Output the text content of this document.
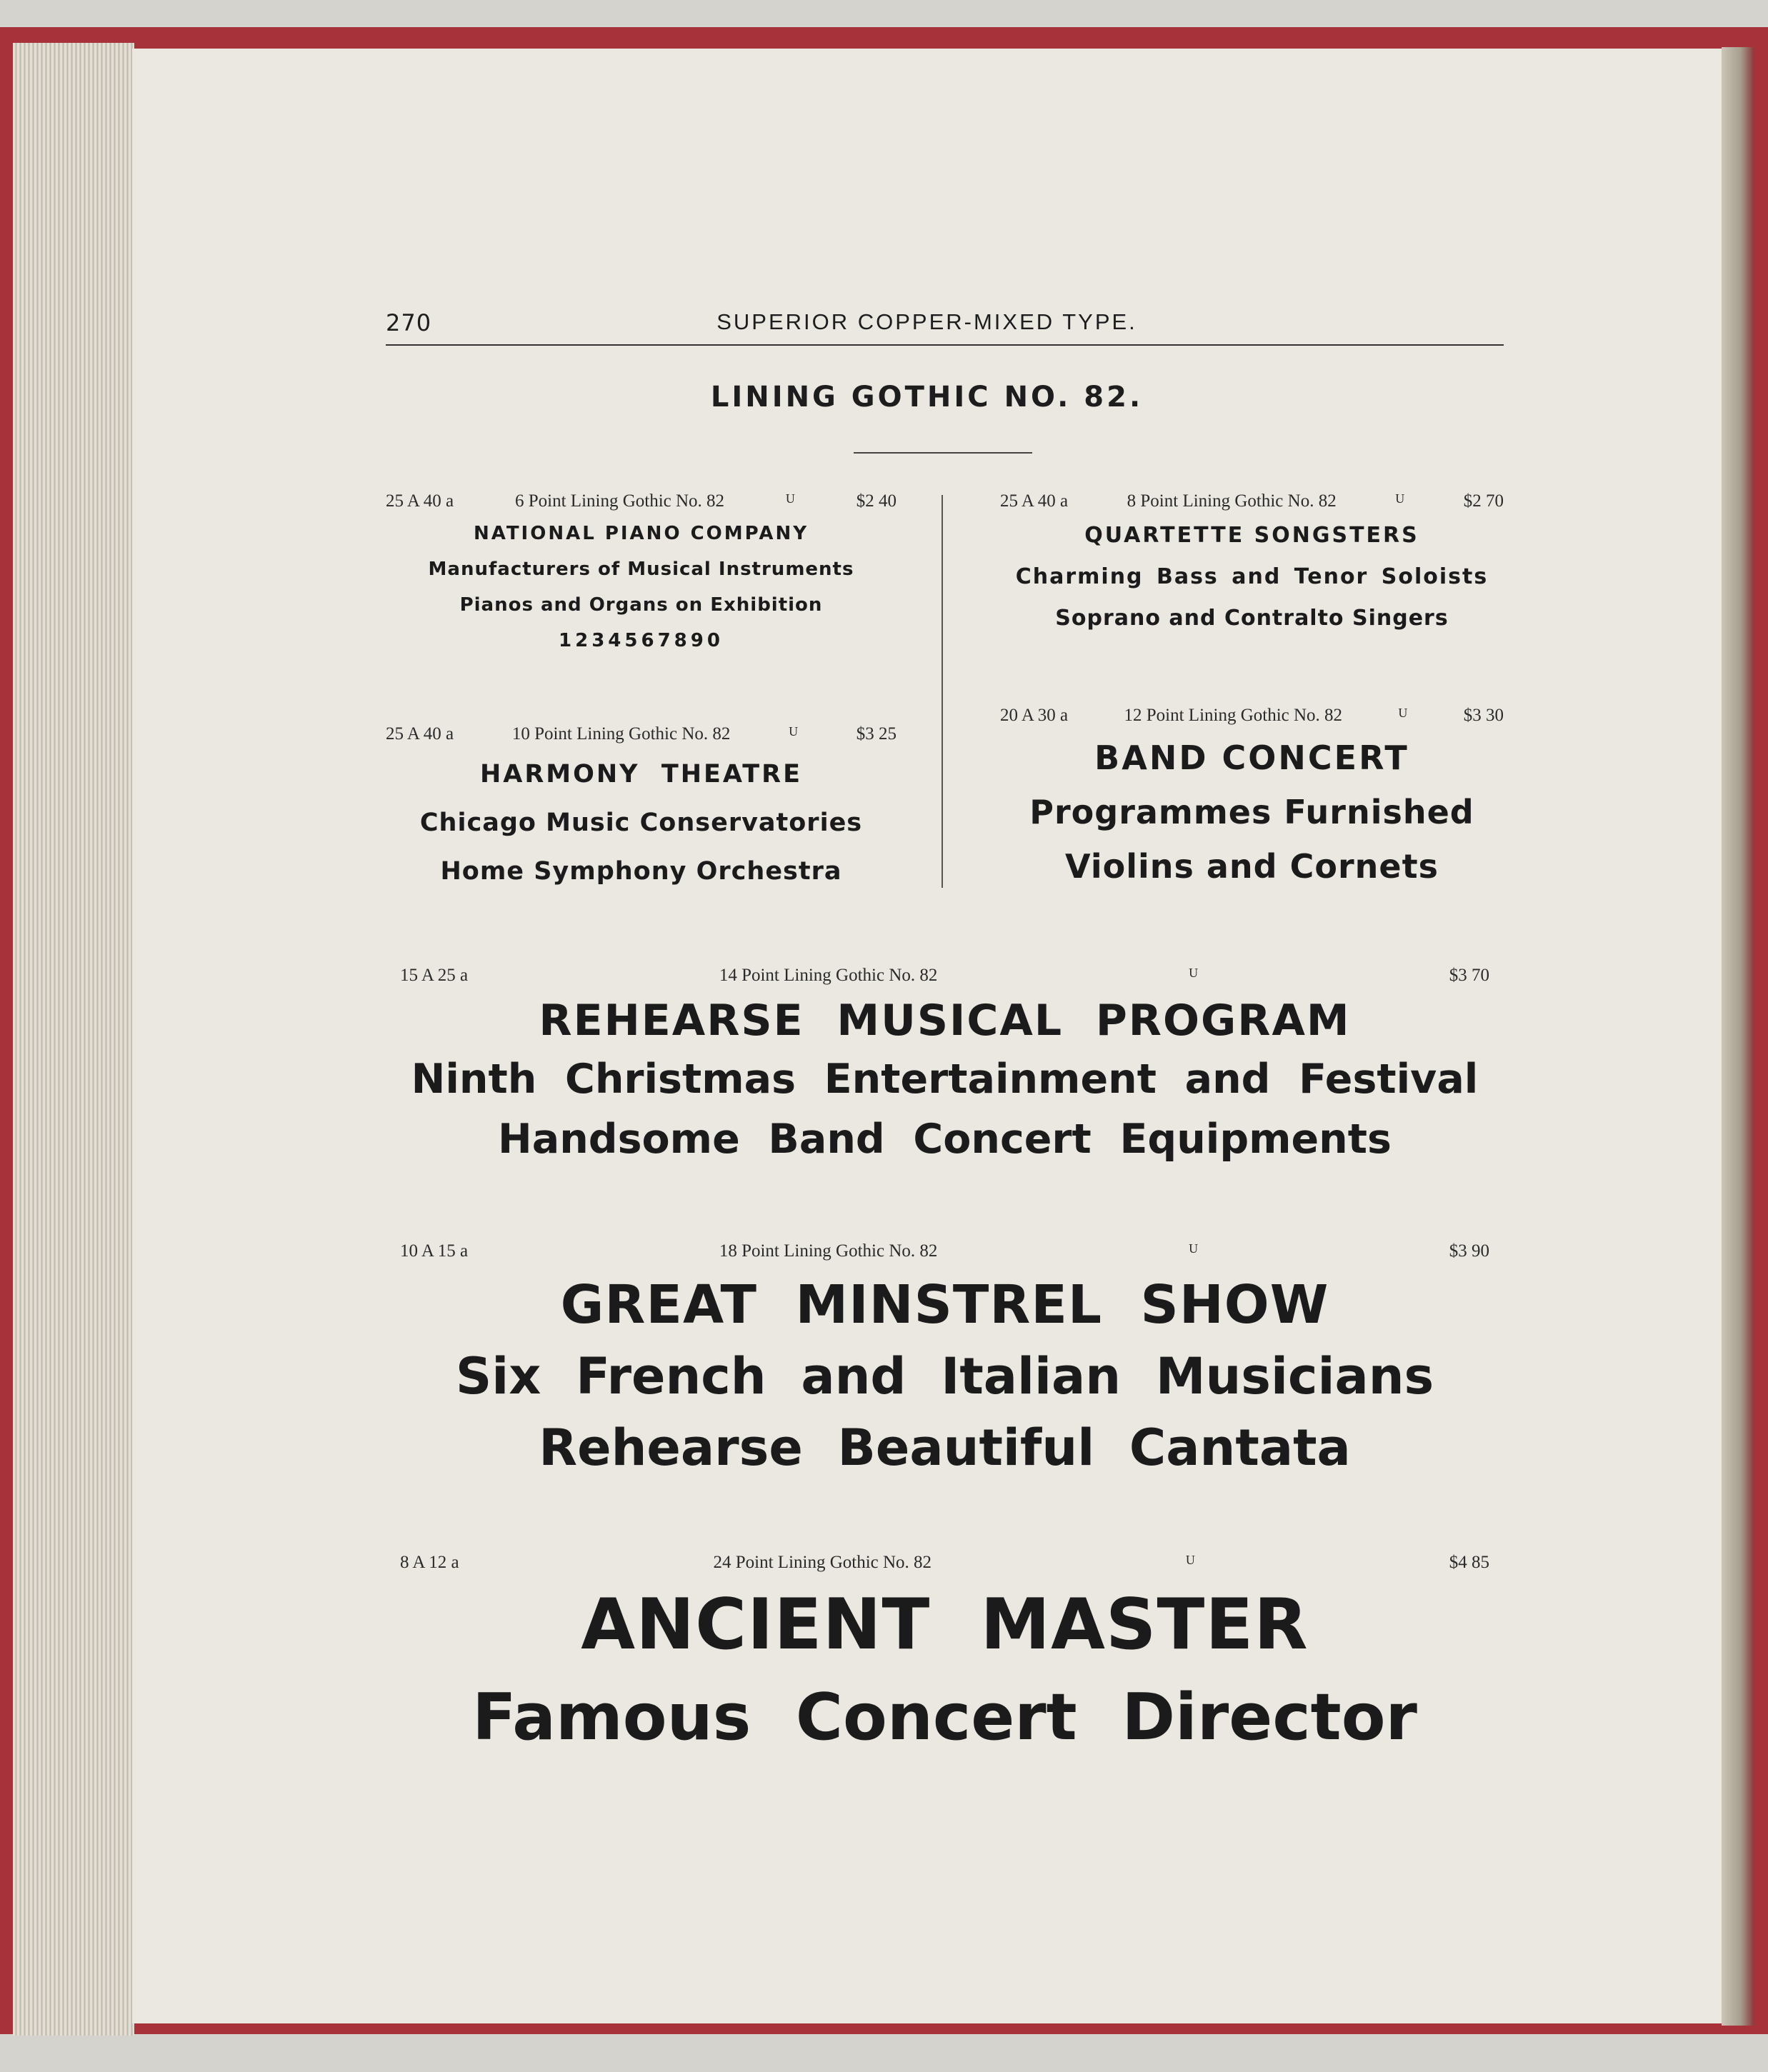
270	SUPERIOR COPPER-MIXED TYPE.
LINING GOTHIC NO. 82.
25 A 40 a	6 Point Lining Gothic No. 82	U	$2 40
NATIONAL PIANO COMPANY
Manufacturers of Musical Instruments
Pianos and Organs on Exhibition
1234567890
25 A 40 a	8 Point Lining Gothic No. 82	U	$2 70
QUARTETTE SONGSTERS
Charming Bass and Tenor Soloists
Soprano and Contralto Singers
25 A 40 a	10 Point Lining Gothic No. 82	U	$3 25
HARMONY  THEATRE
Chicago Music Conservatories
Home Symphony Orchestra
20 A 30 a	12 Point Lining Gothic No. 82	U	$3 30
BAND CONCERT
Programmes Furnished
Violins and Cornets
15 A 25 a	14 Point Lining Gothic No. 82	U	$3 70
REHEARSE  MUSICAL  PROGRAM
Ninth  Christmas  Entertainment  and  Festival
Handsome  Band  Concert  Equipments
10 A 15 a	18 Point Lining Gothic No. 82	U	$3 90
GREAT  MINSTREL  SHOW
Six  French  and  Italian  Musicians
Rehearse  Beautiful  Cantata
8 A 12 a	24 Point Lining Gothic No. 82	U	$4 85
ANCIENT  MASTER
Famous  Concert  Director
